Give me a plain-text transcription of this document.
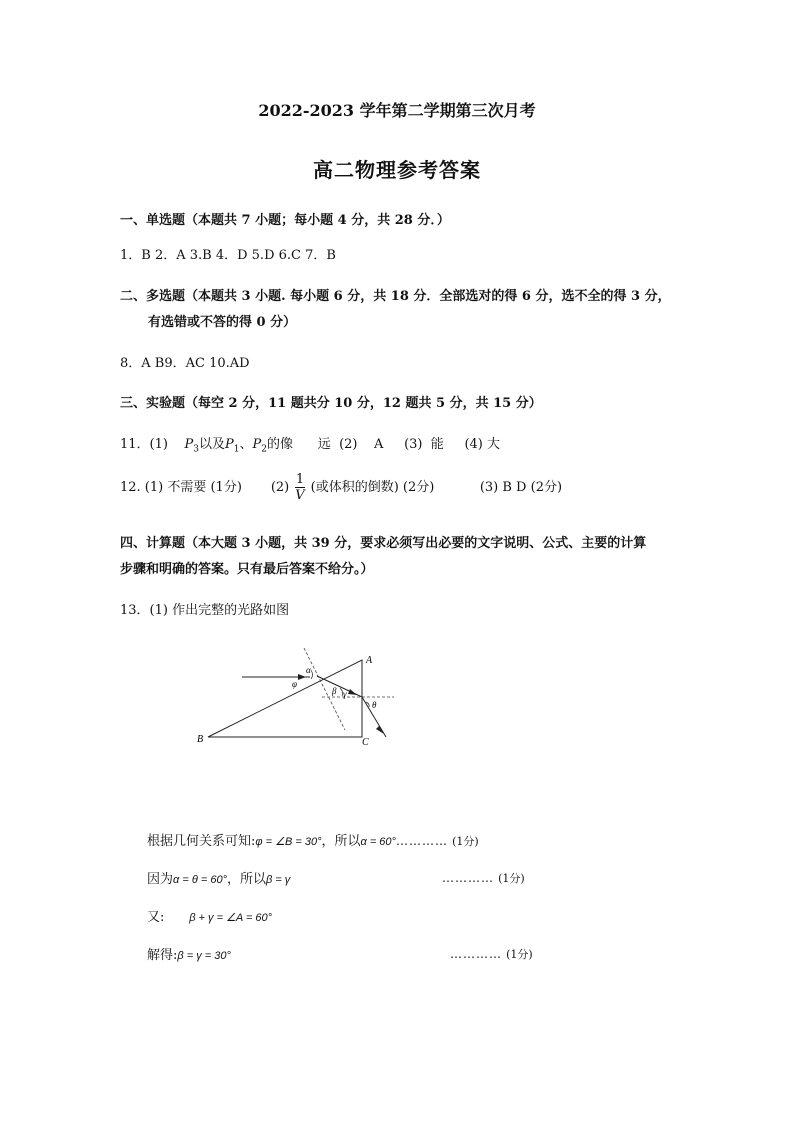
2022-2023 学年第二学期第三次月考
高二物理参考答案
一、单选题（本题共 7 小题；每小题 4 分，共 28 分．）
1．B 2．A 3.B 4．D 5.D 6.C 7．B
二、多选题（本题共 3 小题. 每小题 6 分，共 18 分．全部选对的得 6 分，选不全的得 3 分，
有选错或不答的得 0 分）
8．A B9．AC 10.AD
三、实验题（每空 2 分，11 题共分 10 分，12 题共 5 分，共 15 分）
11．(1) $P_3$以及$P_1$、$P_2$的像 远 (2) A (3) 能 (4) 大
12. (1) 不需要 (1分) $(2) \frac{1}{V}$ (或体积的倒数) (2分)	(3) B D (2分)
四、计算题（本大题 3 小题，共 39 分，要求必须写出必要的文字说明、公式、主要的计算
步骤和明确的答案。只有最后答案不给分。）
13．(1) 作出完整的光路如图
A
B	C
α
φ
β γ
θ
根据几何关系可知:φ = ∠B = 30°，所以α = 60°………… (1分)
因为α = θ = 60°，所以β = γ	………… (1分)
又: β + γ = ∠A = 60°
解得:β = γ = 30°	………… (1分)
